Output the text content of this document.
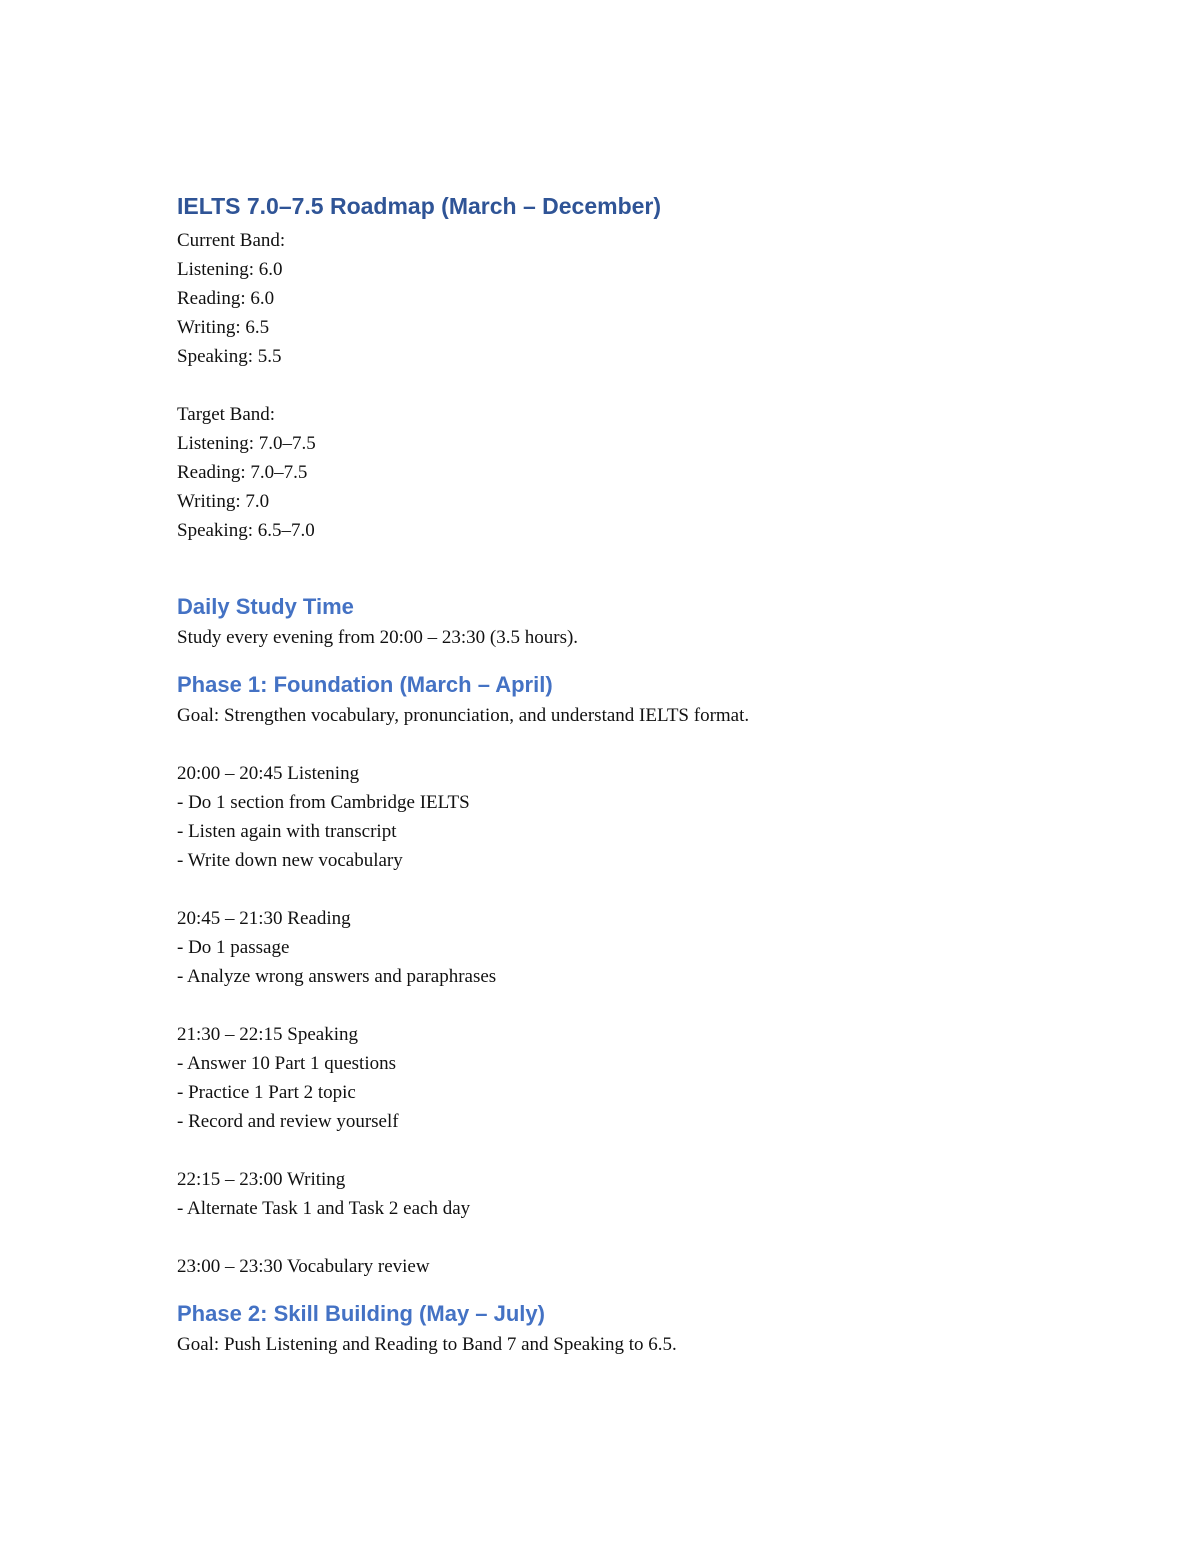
IELTS 7.0–7.5 Roadmap (March – December)
Current Band:
Listening: 6.0
Reading: 6.0
Writing: 6.5
Speaking: 5.5
Target Band:
Listening: 7.0–7.5
Reading: 7.0–7.5
Writing: 7.0
Speaking: 6.5–7.0
Daily Study Time
Study every evening from 20:00 – 23:30 (3.5 hours).
Phase 1: Foundation (March – April)
Goal: Strengthen vocabulary, pronunciation, and understand IELTS format.
20:00 – 20:45 Listening
- Do 1 section from Cambridge IELTS
- Listen again with transcript
- Write down new vocabulary
20:45 – 21:30 Reading
- Do 1 passage
- Analyze wrong answers and paraphrases
21:30 – 22:15 Speaking
- Answer 10 Part 1 questions
- Practice 1 Part 2 topic
- Record and review yourself
22:15 – 23:00 Writing
- Alternate Task 1 and Task 2 each day
23:00 – 23:30 Vocabulary review
Phase 2: Skill Building (May – July)
Goal: Push Listening and Reading to Band 7 and Speaking to 6.5.
